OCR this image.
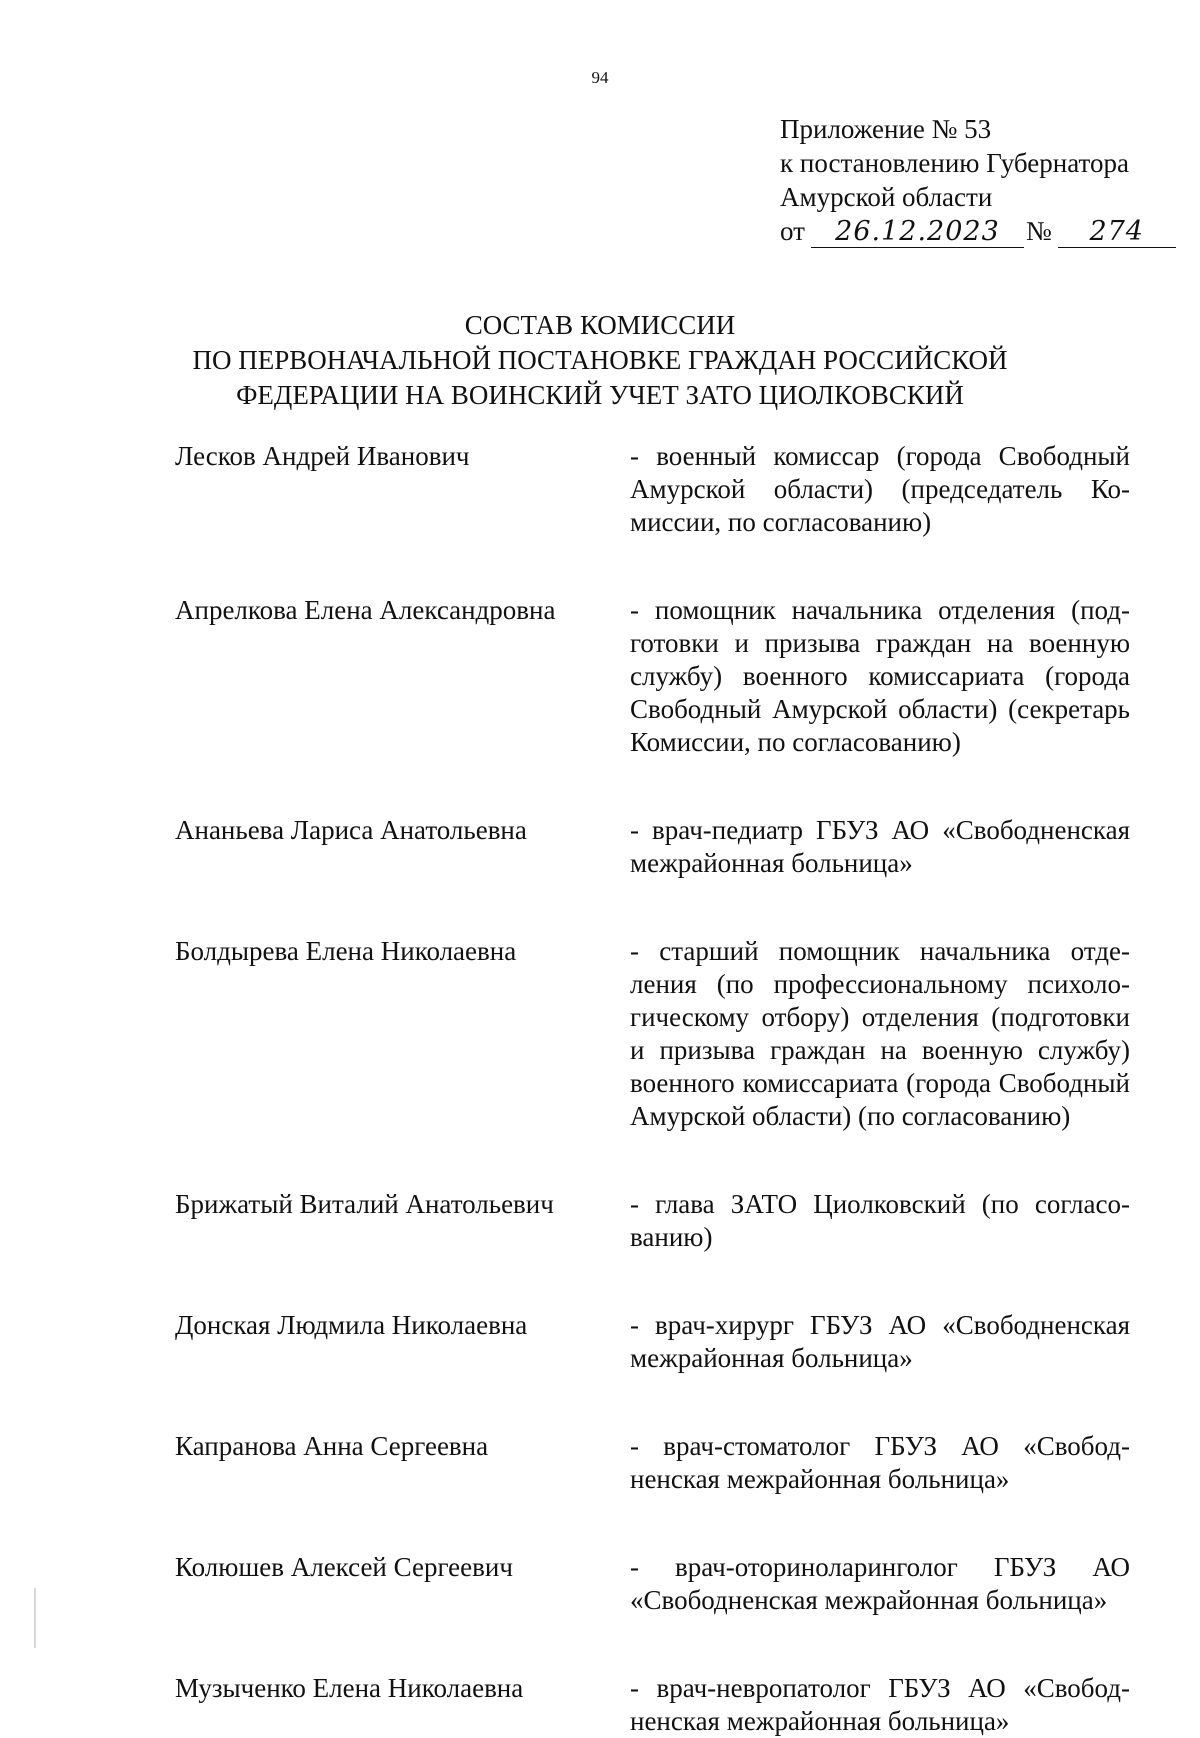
94
Приложение № 53
к постановлению Губернатора
Амурской области
от	26.12.2023 №	274
СОСТАВ КОМИССИИ
ПО ПЕРВОНАЧАЛЬНОЙ ПОСТАНОВКЕ ГРАЖДАН РОССИЙСКОЙ
ФЕДЕРАЦИИ НА ВОИНСКИЙ УЧЕТ ЗАТО ЦИОЛКОВСКИЙ
Лесков Андрей Иванович	- военный комиссар (города Свободный Амурской области) (председатель Комиссии, по согласованию)
Апрелкова Елена Александровна	- помощник начальника отделения (подготовки и призыва граждан на военную службу) военного комиссариата (города Свободный Амурской области) (секретарь Комиссии, по согласованию)
Ананьева Лариса Анатольевна	- врач-педиатр ГБУЗ АО «Свободненская межрайонная больница»
Болдырева Елена Николаевна	- старший помощник начальника отделения (по профессиональному психологическому отбору) отделения (подготовки и призыва граждан на военную службу) военного комиссариата (города Свободный Амурской области) (по согласованию)
Брижатый Виталий Анатольевич	- глава ЗАТО Циолковский (по согласованию)
Донская Людмила Николаевна	- врач-хирург ГБУЗ АО «Свободненская межрайонная больница»
Капранова Анна Сергеевна	- врач-стоматолог ГБУЗ АО «Свободненская межрайонная больница»
Колюшев Алексей Сергеевич	- врач-оториноларинголог ГБУЗ АО «Свободненская межрайонная больница»
Музыченко Елена Николаевна	- врач-невропатолог ГБУЗ АО «Свободненская межрайонная больница»
